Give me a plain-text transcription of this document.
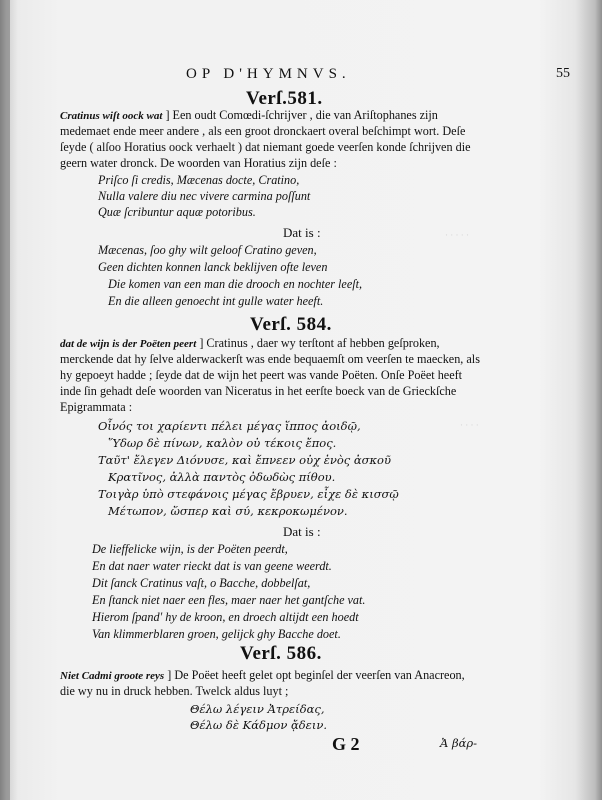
· · · · ·
· · · ·
OP D'HYMNVS.	55
Verſ.581.
Cratinus wiſt oock wat ] Een oudt Comœdi-ſchrijver , die van Ariſtophanes zijn
medemaet ende meer andere , als een groot dronckaert overal beſchimpt wort. Deſe
ſeyde ( alſoo Horatius oock verhaelt ) dat niemant goede veerſen konde ſchrijven die
geern water dronck. De woorden van Horatius zijn deſe :
Priſco ſi credis, Mæcenas docte, Cratino,
Nulla valere diu nec vivere carmina poſſunt
Quæ ſcribuntur aquæ potoribus.
Dat is :
Mæcenas, ſoo ghy wilt geloof Cratino geven,
Geen dichten konnen lanck beklijven ofte leven
Die komen van een man die drooch en nochter leeſt,
En die alleen genoecht int gulle water heeft.
Verſ. 584.
dat de wijn is der Poëten peert ] Cratinus , daer wy terſtont af hebben geſproken,
merckende dat hy ſelve alderwackerſt was ende bequaemſt om veerſen te maecken, als
hy gepoeyt hadde ; ſeyde dat de wijn het peert was vande Poëten. Onſe Poëet heeft
inde ſin gehadt deſe woorden van Niceratus in het eerſte boeck van de Grieckſche
Epigrammata :
Οἶνός τοι χαρίεντι πέλει μέγας ἵππος ἀοιδῷ,
Ὕδωρ δὲ πίνων, καλὸν οὐ τέκοις ἔπος.
Ταῦτ' ἔλεγεν Διόνυσε, καὶ ἔπνεεν οὐχ ἑνὸς ἀσκοῦ
Κρατῖνος, ἀλλὰ παντὸς ὀδωδὼς πίθου.
Τοιγὰρ ὑπὸ στεφάνοις μέγας ἔβρυεν, εἶχε δὲ κισσῷ
Μέτωπον, ὥσπερ καὶ σύ, κεκροκωμένον.
Dat is :
De lieffelicke wijn, is der Poëten peerdt,
En dat naer water rieckt dat is van geene weerdt.
Dit ſanck Cratinus vaſt, o Bacche, dobbelſat,
En ſtanck niet naer een fles, maer naer het gantſche vat.
Hierom ſpand' hy de kroon, en droech altijdt een hoedt
Van klimmerblaren groen, gelijck ghy Bacche doet.
Verſ. 586.
Niet Cadmi groote reys ] De Poëet heeft gelet opt beginſel der veerſen van Anacreon,
die wy nu in druck hebben. Twelck aldus luyt ;
Θέλω λέγειν Ἀτρείδας,
Θέλω δὲ Κάδμον ᾄδειν.
G 2	Ἀ βάρ-
